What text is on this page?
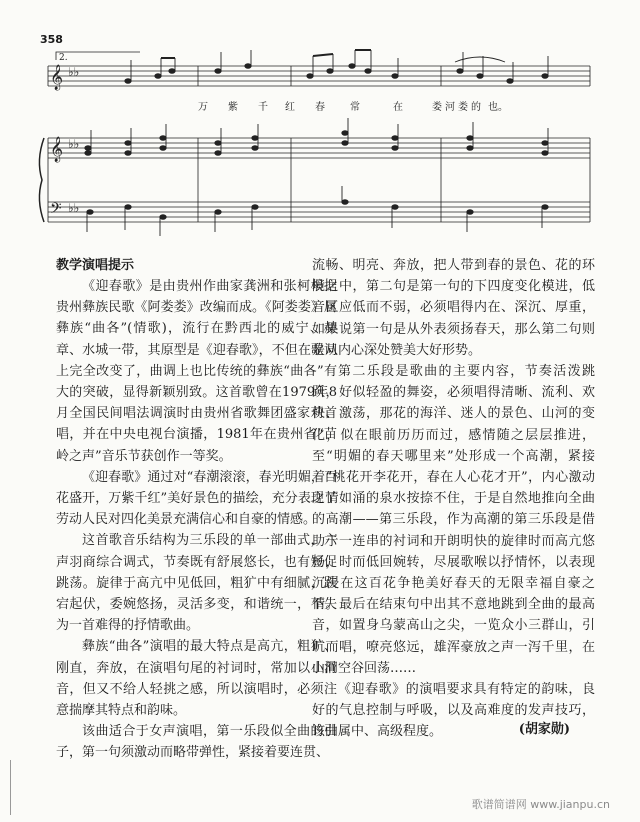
358
2.
𝄞 ♭♭
𝄞 ♭♭
𝄢 ♭♭
万 紫 千 红 春	常	在	娄河娄的 也。
教学演唱提示

《迎春歌》是由贵州作曲家龚洲和张柯根据贵州彝族民歌《阿娄娄》改编而成。《阿娄娄》属彝族“曲各”(情歌)，流行在黔西北的威宁、赫章、水城一带，其原型是《迎春歌》，不但在歌词上完全改变了，曲调上也比传统的彝族“曲各”有大的突破，显得新颖别致。这首歌曾在1979年8月全国民间唱法调演时由贵州省歌舞团盛家莉首唱，并在中央电视台演播，1981年在贵州省“苗岭之声”音乐节获创作一等奖。

《迎春歌》通过对“春潮滚滚，春光明媚，百花盛开，万紫千红”美好景色的描绘，充分表现了劳动人民对四化美景充满信心和自豪的情感。

这首歌音乐结构为三乐段的单一部曲式，六声羽商综合调式，节奏既有舒展悠长，也有短促跳荡。旋律于高亢中见低回，粗犷中有细腻，跌宕起伏，委婉悠扬，灵活多变，和谐统一，不失为一首难得的抒情歌曲。

彝族“曲各”演唱的最大特点是高亢，粗犷、刚直，奔放，在演唱句尾的衬词时，常加以小滑音，但又不给人轻挑之感，所以演唱时，必须注意揣摩其特点和韵味。

该曲适合于女声演唱，第一乐段似全曲的引子，第一句须激动而略带弹性，紧接着要连贯、

流畅、明亮、奔放，把人带到春的景色、花的环境之中，第二句是第一句的下四度变化模进，低音区应低而不弱，必须唱得内在、深沉、厚重，如果说第一句是从外表须扬春天，那么第二句则是从内心深处赞美大好形势。

第二乐段是歌曲的主要内容，节奏活泼跳跃，好似轻盈的舞姿，必须唱得清晰、流利、欢快、激荡，那花的海洋、迷人的景色、山河的变化，似在眼前历历而过，感情随之层层推进，至“明媚的春天哪里来”处形成一个高潮，紧接着“桃花开李花开，春在人心花才开”，内心激动之情如涌的泉水按捺不住，于是自然地推向全曲的高潮——第三乐段，作为高潮的第三乐段是借助于一连串的衬词和开朗明快的旋律时而高亢悠扬，时而低回婉转，尽展歌喉以抒情怀，以表现沉浸在这百花争艳美好春天的无限幸福自豪之情。最后在结束句中出其不意地跳到全曲的最高音，如置身乌蒙高山之尖，一览众小三群山，引吭而唱，嘹亮悠远，雄浑豪放之声一泻千里，在山间空谷回荡……

《迎春歌》的演唱要求具有特定的韵味，良好的气息控制与呼吸，以及高难度的发声技巧，该曲属中、高级程度。	(胡家勋)
歌谱简谱网 www.jianpu.cn
